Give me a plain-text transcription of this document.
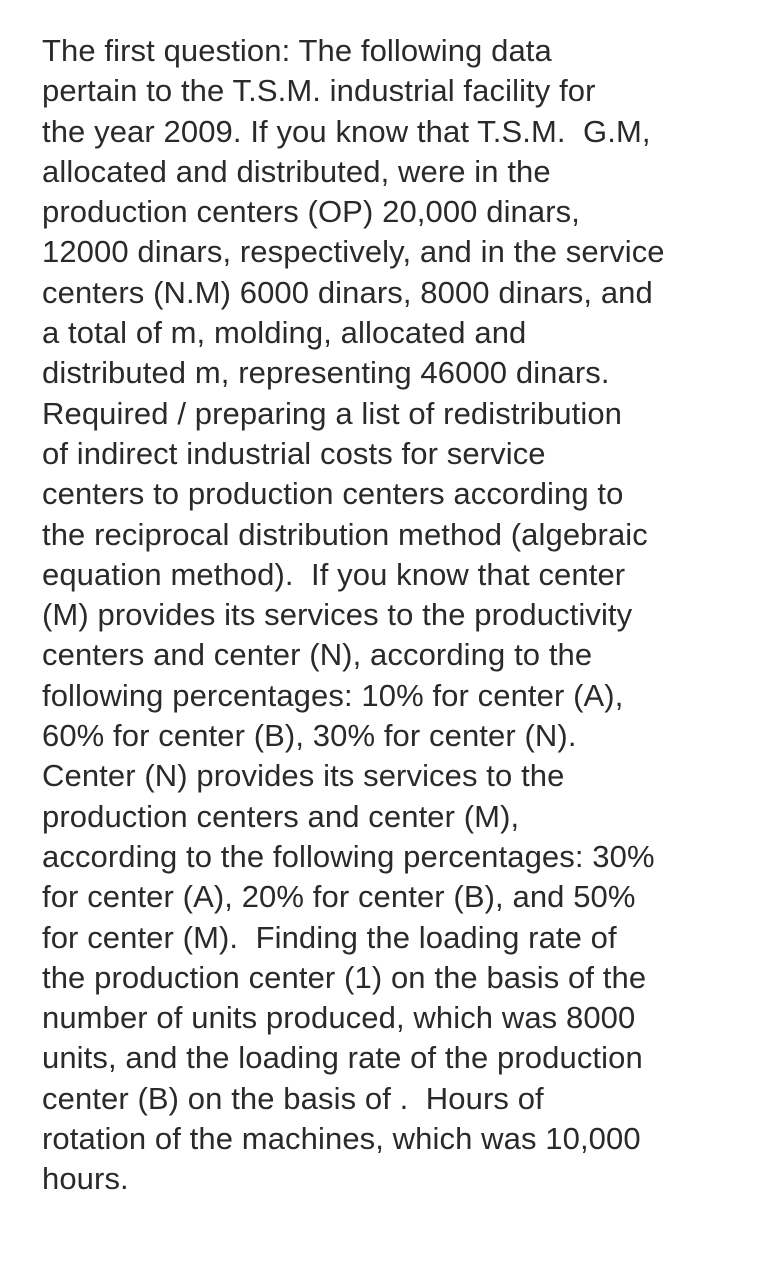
The first question: The following data
pertain to the T.S.M. industrial facility for
the year 2009. If you know that T.S.M.  G.M,
allocated and distributed, were in the
production centers (OP) 20,000 dinars,
12000 dinars, respectively, and in the service
centers (N.M) 6000 dinars, 8000 dinars, and
a total of m, molding, allocated and
distributed m, representing 46000 dinars.
Required / preparing a list of redistribution
of indirect industrial costs for service
centers to production centers according to
the reciprocal distribution method (algebraic
equation method).  If you know that center
(M) provides its services to the productivity
centers and center (N), according to the
following percentages: 10% for center (A),
60% for center (B), 30% for center (N).
Center (N) provides its services to the
production centers and center (M),
according to the following percentages: 30%
for center (A), 20% for center (B), and 50%
for center (M).  Finding the loading rate of
the production center (1) on the basis of the
number of units produced, which was 8000
units, and the loading rate of the production
center (B) on the basis of .  Hours of
rotation of the machines, which was 10,000
hours.
